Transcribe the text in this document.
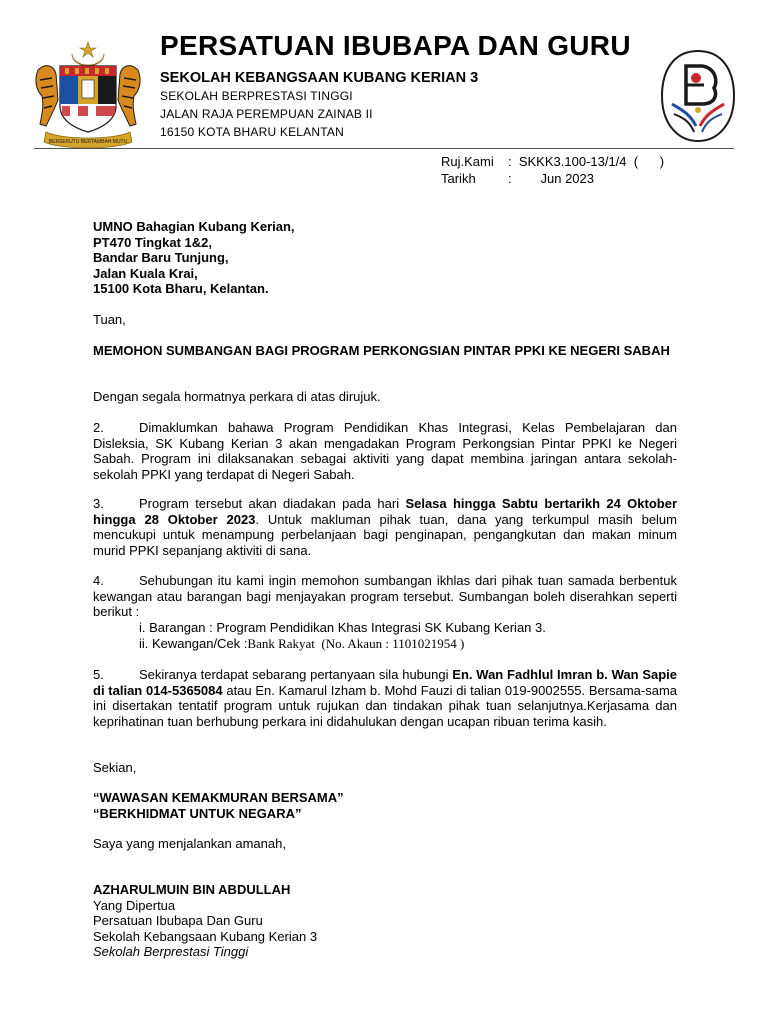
BERSEKUTU BERTAMBAH MUTU
PERSATUAN IBUBAPA DAN GURU
SEKOLAH KEBANGSAAN KUBANG KERIAN 3
SEKOLAH BERPRESTASI TINGGI
JALAN RAJA PEREMPUAN ZAINAB II
16150 KOTA BHARU KELANTAN
Ruj.Kami :  SKKK3.100-13/1/4  (      )
Tarikh :        Jun 2023
UMNO Bahagian Kubang Kerian,
PT470 Tingkat 1&2,
Bandar Baru Tunjung,
Jalan Kuala Krai,
15100 Kota Bharu, Kelantan.
Tuan,
MEMOHON SUMBANGAN BAGI PROGRAM PERKONGSIAN PINTAR PPKI KE NEGERI SABAH
Dengan segala hormatnya perkara di atas dirujuk.
2.	Dimaklumkan bahawa Program Pendidikan Khas Integrasi, Kelas Pembelajaran dan Disleksia, SK Kubang Kerian 3 akan mengadakan Program Perkongsian Pintar PPKI ke Negeri Sabah. Program ini dilaksanakan sebagai aktiviti yang dapat membina jaringan antara sekolah-sekolah PPKI yang terdapat di Negeri Sabah.
3.	Program tersebut akan diadakan pada hari Selasa hingga Sabtu bertarikh 24 Oktober hingga 28 Oktober 2023. Untuk makluman pihak tuan, dana yang terkumpul masih belum mencukupi untuk menampung perbelanjaan bagi penginapan, pengangkutan dan makan minum murid PPKI sepanjang aktiviti di sana.
4.	Sehubungan itu kami ingin memohon sumbangan ikhlas dari pihak tuan samada berbentuk kewangan atau barangan bagi menjayakan program tersebut. Sumbangan boleh diserahkan seperti berikut :
i. Barangan : Program Pendidikan Khas Integrasi SK Kubang Kerian 3.
ii. Kewangan/Cek :Bank Rakyat  (No. Akaun : 1101021954 )
5.	Sekiranya terdapat sebarang pertanyaan sila hubungi En. Wan Fadhlul Imran b. Wan Sapie di talian 014-5365084 atau En. Kamarul Izham b. Mohd Fauzi di talian 019-9002555. Bersama-sama ini disertakan tentatif program untuk rujukan dan tindakan pihak tuan selanjutnya.Kerjasama dan keprihatinan tuan berhubung perkara ini didahulukan dengan ucapan ribuan terima kasih.
Sekian,
“WAWASAN KEMAKMURAN BERSAMA”
“BERKHIDMAT UNTUK NEGARA”
Saya yang menjalankan amanah,
AZHARULMUIN BIN ABDULLAH
Yang Dipertua
Persatuan Ibubapa Dan Guru
Sekolah Kebangsaan Kubang Kerian 3
Sekolah Berprestasi Tinggi
